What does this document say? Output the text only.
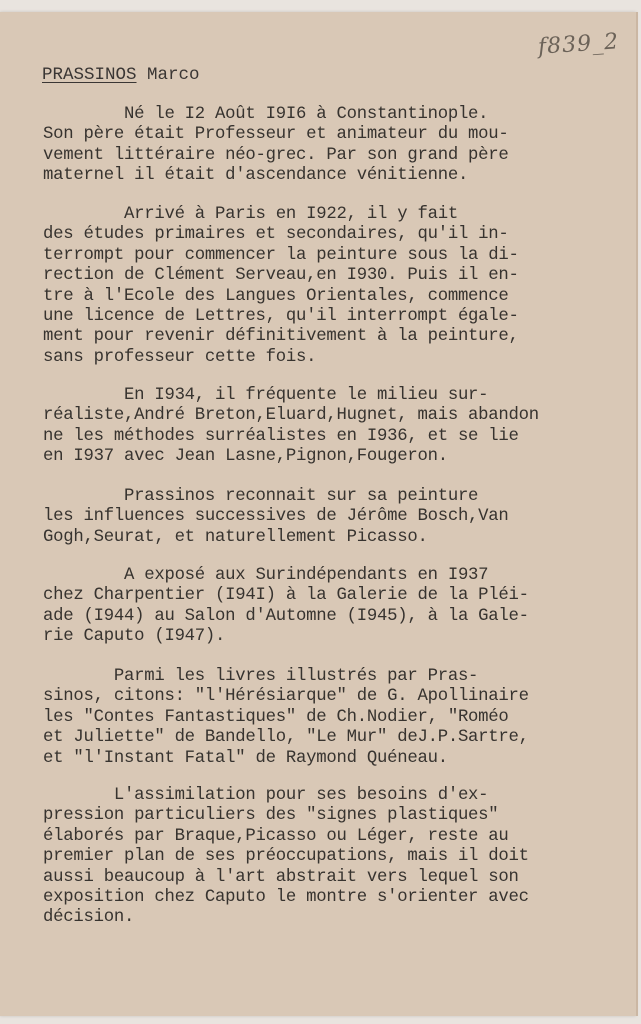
f839_2
PRASSINOS Marco

Né le I2 Août I9I6 à Constantinople.
Son père était Professeur et animateur du mou-
vement littéraire néo-grec. Par son grand père
maternel il était d'ascendance vénitienne.

Arrivé à Paris en I922, il y fait
des études primaires et secondaires, qu'il in-
terrompt pour commencer la peinture sous la di-
rection de Clément Serveau,en I930. Puis il en-
tre à l'Ecole des Langues Orientales, commence
une licence de Lettres, qu'il interrompt égale-
ment pour revenir définitivement à la peinture,
sans professeur cette fois.

En I934, il fréquente le milieu sur-
réaliste,André Breton,Eluard,Hugnet, mais abandon
ne les méthodes surréalistes en I936, et se lie
en I937 avec Jean Lasne,Pignon,Fougeron.

Prassinos reconnait sur sa peinture
les influences successives de Jérôme Bosch,Van
Gogh,Seurat, et naturellement Picasso.

A exposé aux Surindépendants en I937
chez Charpentier (I94I) à la Galerie de la Pléi-
ade (I944) au Salon d'Automne (I945), à la Gale-
rie Caputo (I947).

Parmi les livres illustrés par Pras-
sinos, citons: "l'Hérésiarque" de G. Apollinaire
les "Contes Fantastiques" de Ch.Nodier, "Roméo
et Juliette" de Bandello, "Le Mur" deJ.P.Sartre,
et "l'Instant Fatal" de Raymond Quéneau.

L'assimilation pour ses besoins d'ex-
pression particuliers des "signes plastiques"
élaborés par Braque,Picasso ou Léger, reste au
premier plan de ses préoccupations, mais il doit
aussi beaucoup à l'art abstrait vers lequel son
exposition chez Caputo le montre s'orienter avec
décision.
